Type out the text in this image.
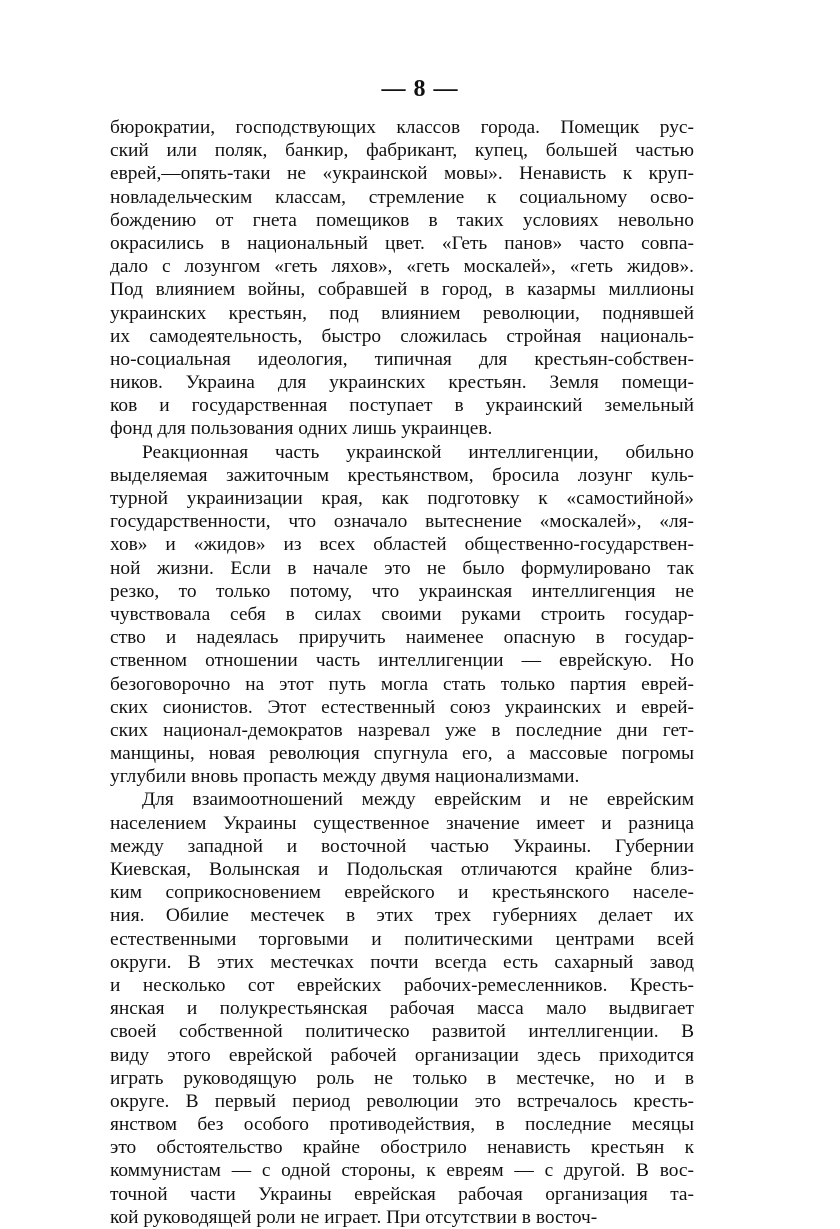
— 8 —
бюрократии, господствующих классов города. Помещик рус-
ский или поляк, банкир, фабрикант, купец, большей частью
еврей,—опять-таки не «украинской мовы». Ненависть к круп-
новладельческим классам, стремление к социальному осво-
бождению от гнета помещиков в таких условиях невольно
окрасились в национальный цвет. «Геть панов» часто совпа-
дало с лозунгом «геть ляхов», «геть москалей», «геть жидов».
Под влиянием войны, собравшей в город, в казармы миллионы
украинских крестьян, под влиянием революции, поднявшей
их самодеятельность, быстро сложилась стройная националь-
но-социальная идеология, типичная для крестьян-собствен-
ников. Украина для украинских крестьян. Земля помещи-
ков и государственная поступает в украинский земельный
фонд для пользования одних лишь украинцев.
Реакционная часть украинской интеллигенции, обильно
выделяемая зажиточным крестьянством, бросила лозунг куль-
турной украинизации края, как подготовку к «самостийной»
государственности, что означало вытеснение «москалей», «ля-
хов» и «жидов» из всех областей общественно-государствен-
ной жизни. Если в начале это не было формулировано так
резко, то только потому, что украинская интеллигенция не
чувствовала себя в силах своими руками строить государ-
ство и надеялась приручить наименее опасную в государ-
ственном отношении часть интеллигенции — еврейскую. Но
безоговорочно на этот путь могла стать только партия еврей-
ских сионистов. Этот естественный союз украинских и еврей-
ских национал-демократов назревал уже в последние дни гет-
манщины, новая революция спугнула его, а массовые погромы
углубили вновь пропасть между двумя национализмами.
Для взаимоотношений между еврейским и не еврейским
населением Украины существенное значение имеет и разница
между западной и восточной частью Украины. Губернии
Киевская, Волынская и Подольская отличаются крайне близ-
ким соприкосновением еврейского и крестьянского населе-
ния. Обилие местечек в этих трех губерниях делает их
естественными торговыми и политическими центрами всей
округи. В этих местечках почти всегда есть сахарный завод
и несколько сот еврейских рабочих-ремесленников. Кресть-
янская и полукрестьянская рабочая масса мало выдвигает
своей собственной политическо развитой интеллигенции. В
виду этого еврейской рабочей организации здесь приходится
играть руководящую роль не только в местечке, но и в
округе. В первый период революции это встречалось кресть-
янством без особого противодействия, в последние месяцы
это обстоятельство крайне обострило ненависть крестьян к
коммунистам — с одной стороны, к евреям — с другой. В вос-
точной части Украины еврейская рабочая организация та-
кой руководящей роли не играет. При отсутствии в восточ-
